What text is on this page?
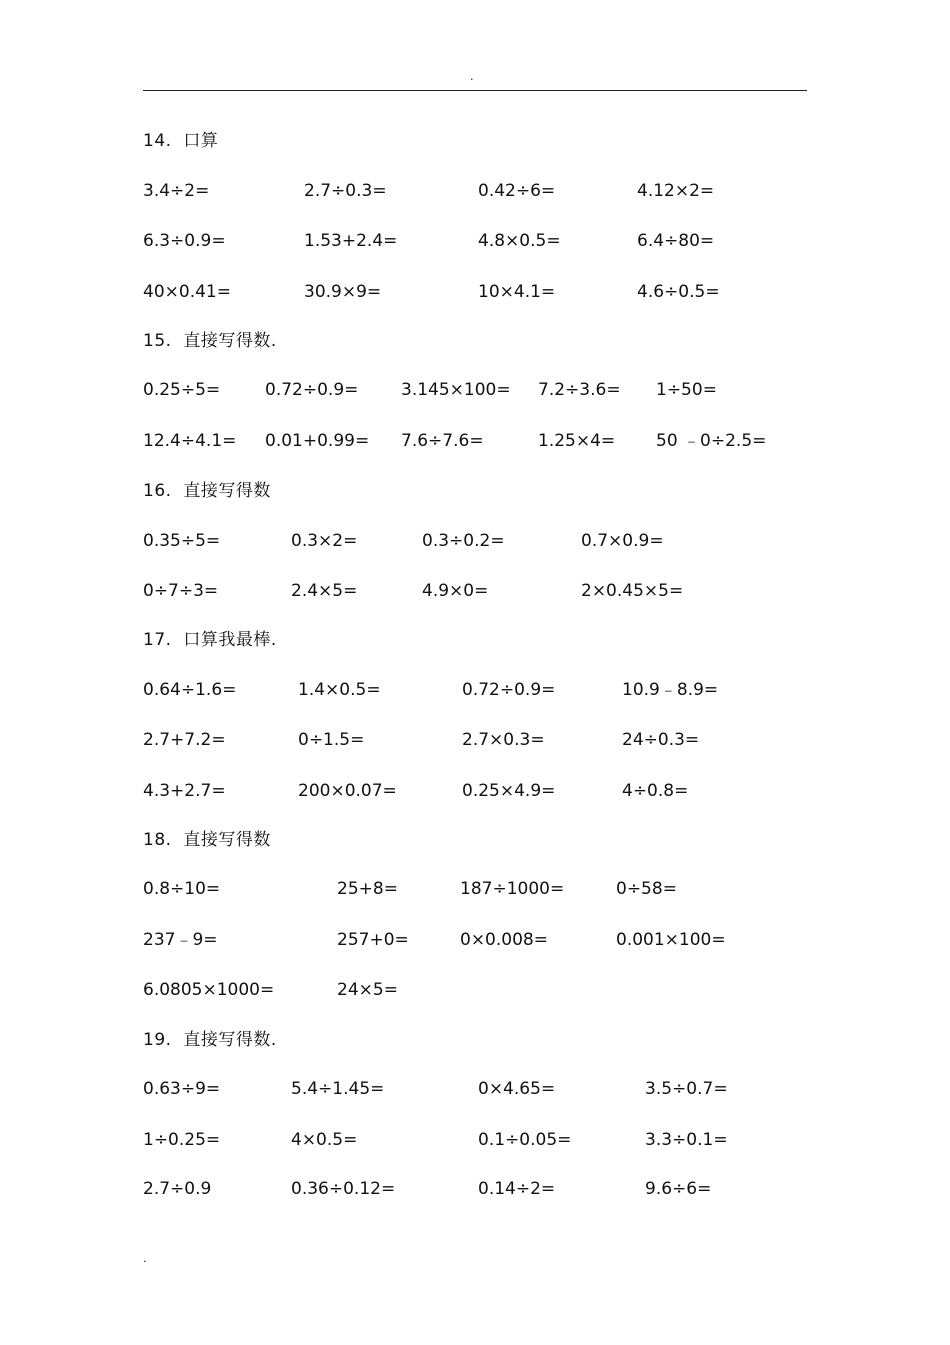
.
14.  口算
3.4÷2=	2.7÷0.3=	0.42÷6=	4.12×2=
6.3÷0.9=	1.53+2.4=	4.8×0.5=	6.4÷80=
40×0.41=	30.9×9=	10×4.1=	4.6÷0.5=
15.  直接写得数.
0.25÷5=	0.72÷0.9=	3.145×100= 7.2÷3.6= 1÷50=
12.4÷4.1= 0.01+0.99= 7.6÷7.6=	1.25×4= 50 ﹣0÷2.5=
16.  直接写得数
0.35÷5=	0.3×2=	0.3÷0.2=	0.7×0.9=
0÷7÷3=	2.4×5=	4.9×0=	2×0.45×5=
17.  口算我最棒.
0.64÷1.6=	1.4×0.5=	0.72÷0.9=	10.9﹣8.9=
2.7+7.2=	0÷1.5=	2.7×0.3=	24÷0.3=
4.3+2.7=	200×0.07=	0.25×4.9=	4÷0.8=
18.  直接写得数
0.8÷10=	25+8=	187÷1000=	0÷58=
237﹣9=	257+0=	0×0.008=	0.001×100=
6.0805×1000=	24×5=
19.  直接写得数.
0.63÷9=	5.4÷1.45=	0×4.65=	3.5÷0.7=
1÷0.25=	4×0.5=	0.1÷0.05=	3.3÷0.1=
2.7÷0.9	0.36÷0.12=	0.14÷2=	9.6÷6=
.
